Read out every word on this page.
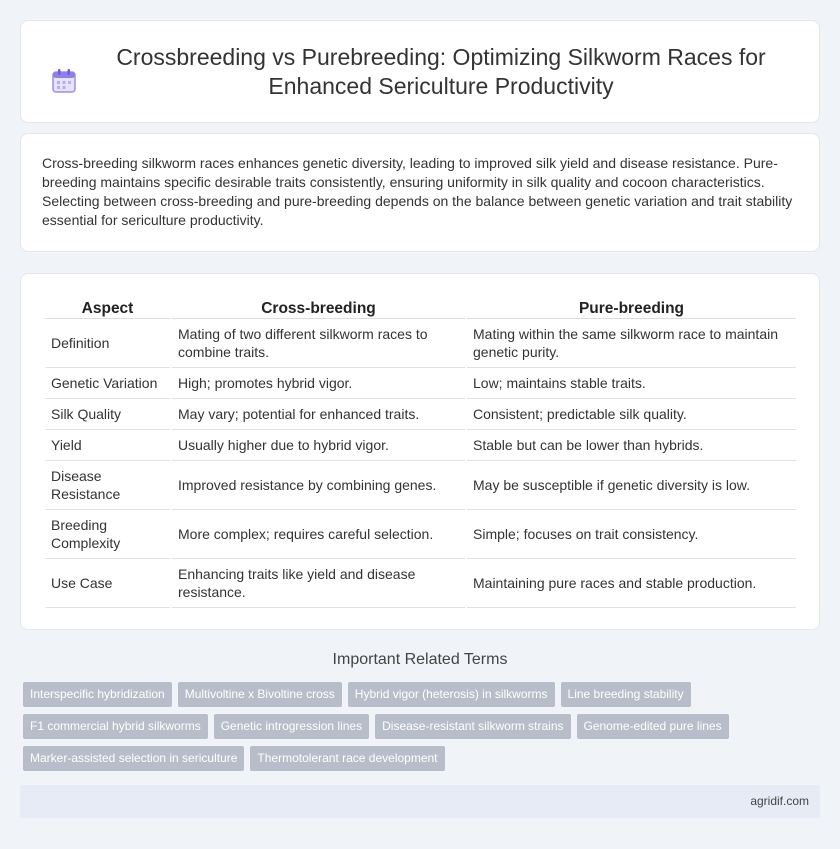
Crossbreeding vs Purebreeding: Optimizing Silkworm Races for Enhanced Sericulture Productivity

Cross-breeding silkworm races enhances genetic diversity, leading to improved silk yield and disease resistance. Pure-breeding maintains specific desirable traits consistently, ensuring uniformity in silk quality and cocoon characteristics. Selecting between cross-breeding and pure-breeding depends on the balance between genetic variation and trait stability essential for sericulture productivity.

Aspect	Cross-breeding	Pure-breeding
Definition	Mating of two different silkworm races to combine traits.	Mating within the same silkworm race to maintain genetic purity.
Genetic Variation	High; promotes hybrid vigor.	Low; maintains stable traits.
Silk Quality	May vary; potential for enhanced traits.	Consistent; predictable silk quality.
Yield	Usually higher due to hybrid vigor.	Stable but can be lower than hybrids.
Disease Resistance	Improved resistance by combining genes.	May be susceptible if genetic diversity is low.
Breeding Complexity	More complex; requires careful selection.	Simple; focuses on trait consistency.
Use Case	Enhancing traits like yield and disease resistance.	Maintaining pure races and stable production.
Important Related Terms
Interspecific hybridization	Multivoltine x Bivoltine cross	Hybrid vigor (heterosis) in silkworms	Line breeding stability
F1 commercial hybrid silkworms	Genetic introgression lines	Disease-resistant silkworm strains	Genome-edited pure lines
Marker-assisted selection in sericulture	Thermotolerant race development
agridif.com
